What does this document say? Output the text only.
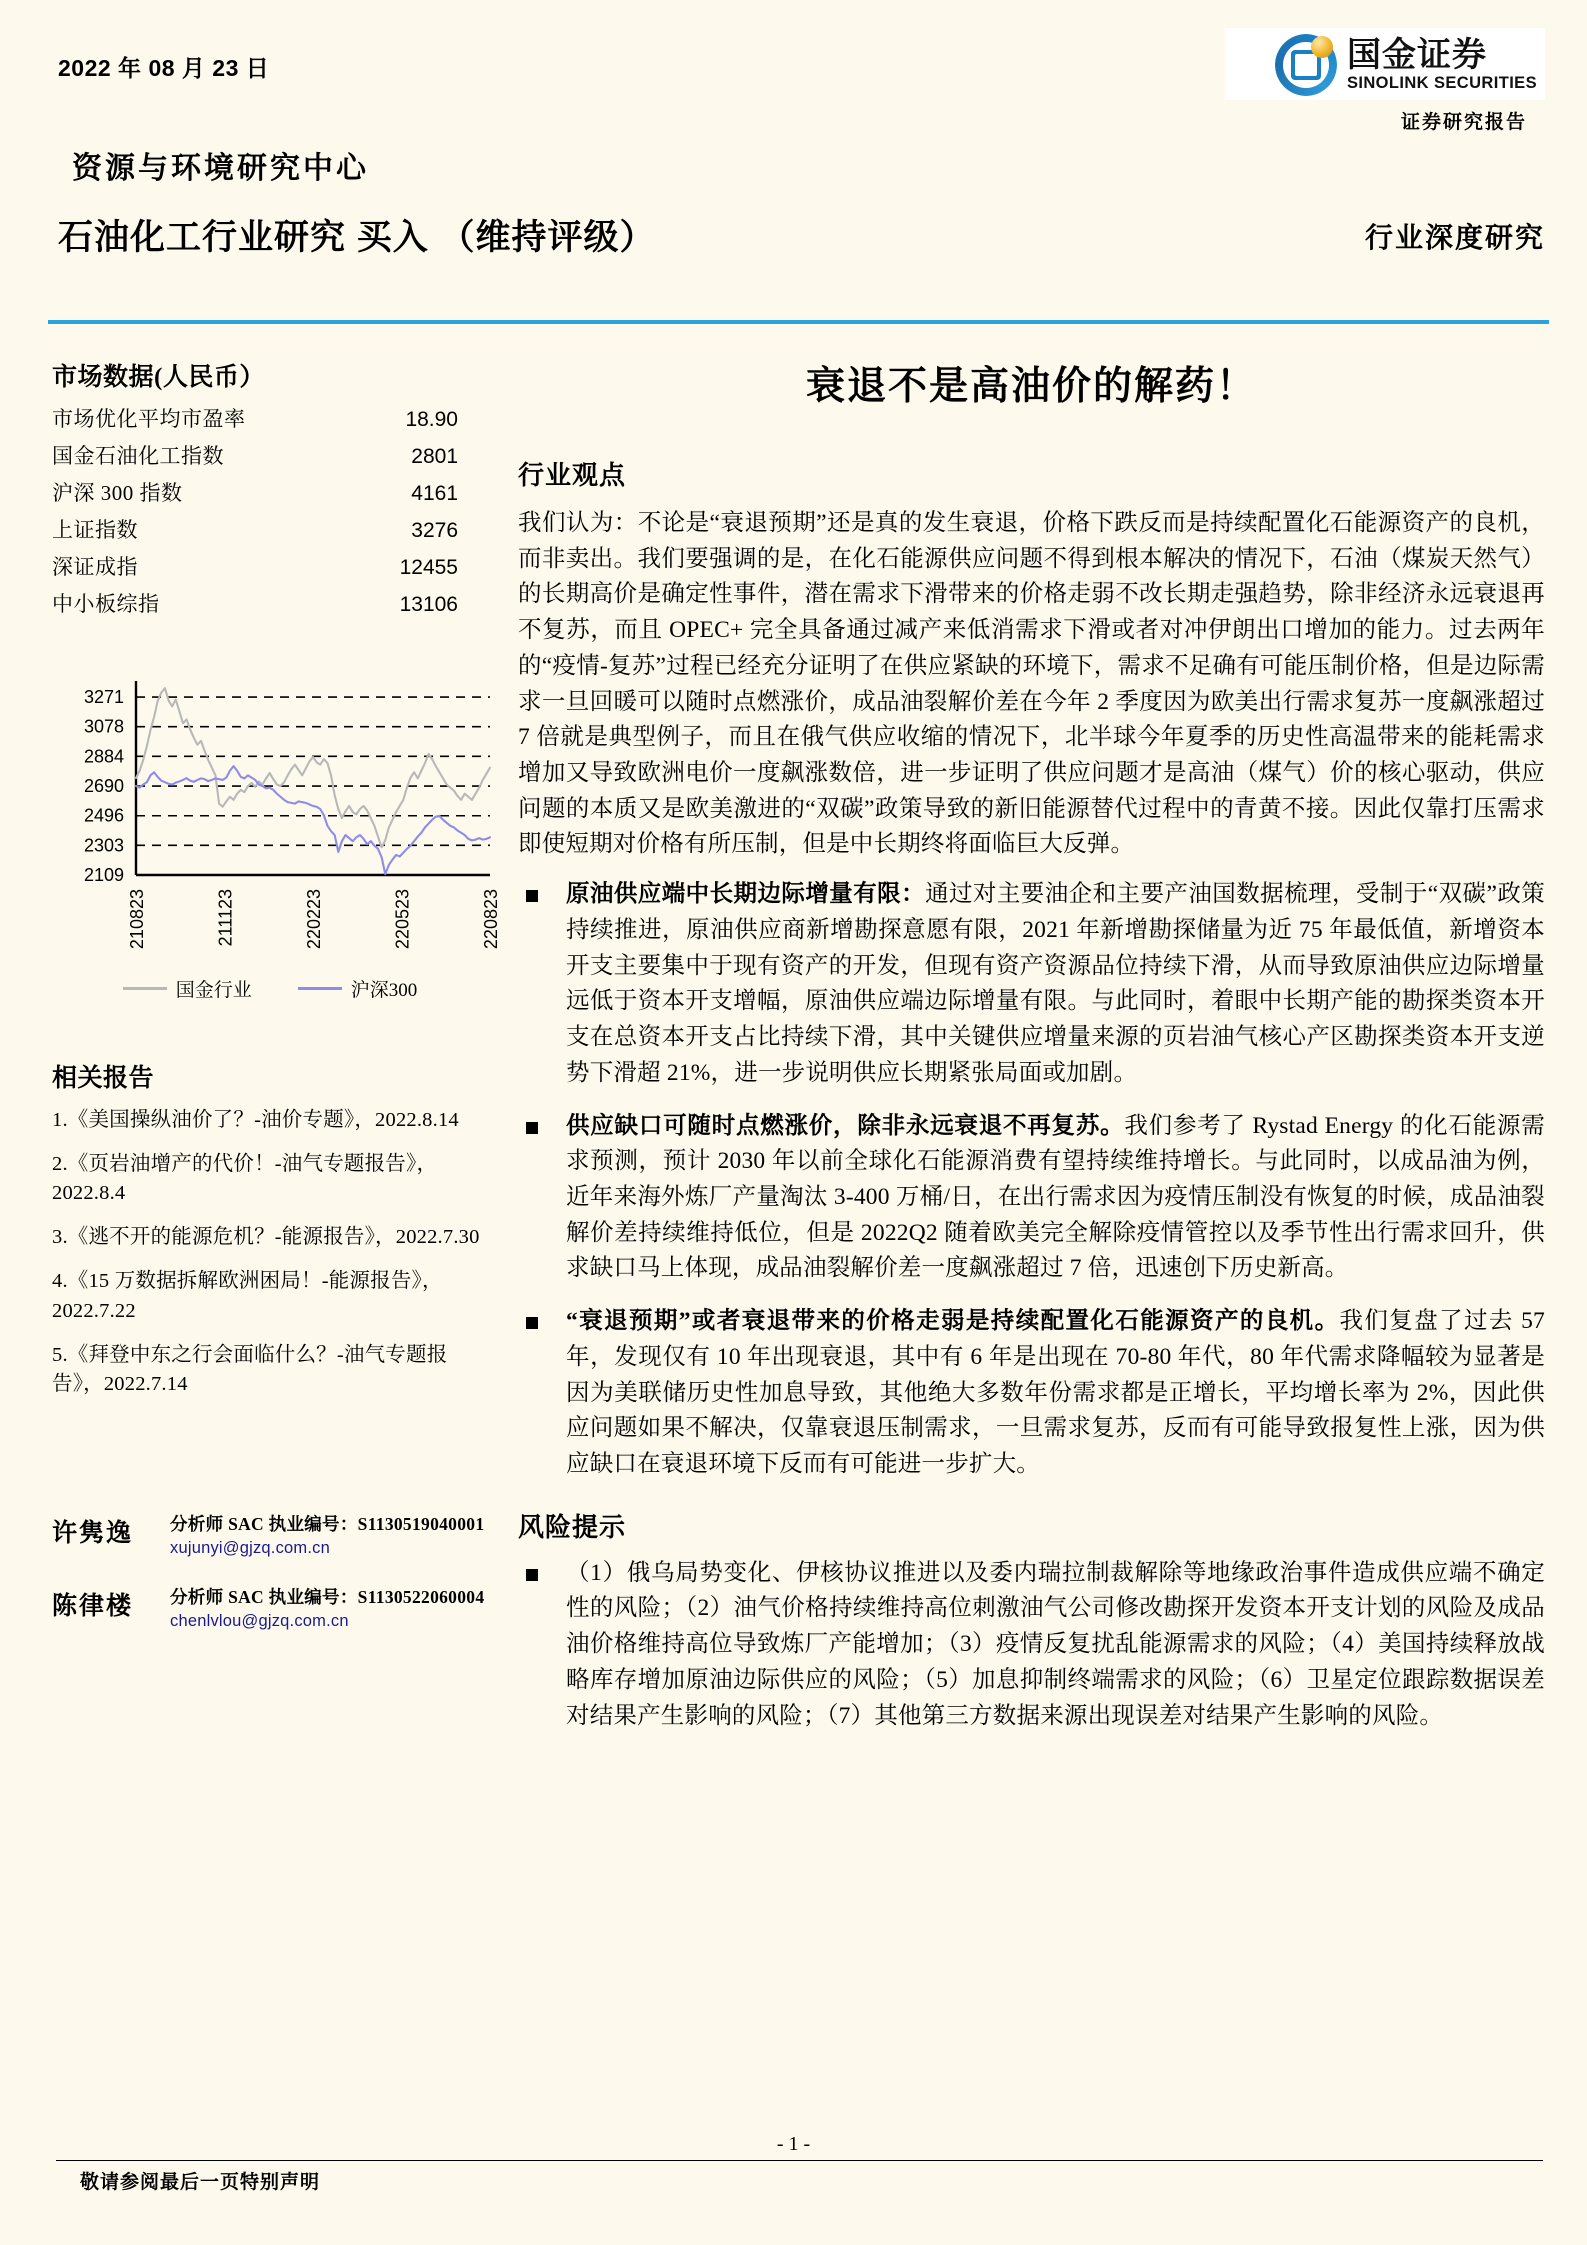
2022 年 08 月 23 日
资源与环境研究中心
国金证券
SINOLINK SECURITIES
证券研究报告
石油化工行业研究 买入 （维持评级）	行业深度研究
市场数据(人民币）
市场优化平均市盈率	18.90
国金石油化工指数	2801
沪深 300 指数	4161
上证指数	3276
深证成指	12455
中小板综指	13106
2109
2303
2496
2690
2884
3078
3271
210823	211123	220223	220523	220823
国金行业	沪深300
相关报告
1.《美国操纵油价了？-油价专题》，2022.8.14
2.《页岩油增产的代价！-油气专题报告》，2022.8.4
3.《逃不开的能源危机？-能源报告》，2022.7.30
4.《15 万数据拆解欧洲困局！-能源报告》，2022.7.22
5.《拜登中东之行会面临什么？-油气专题报告》，2022.7.14
许隽逸	分析师 SAC 执业编号：S1130519040001
xujunyi@gjzq.com.cn
陈律楼	分析师 SAC 执业编号：S1130522060004
chenlvlou@gjzq.com.cn
衰退不是高油价的解药！
行业观点

我们认为：不论是“衰退预期”还是真的发生衰退，价格下跌反而是持续配置化石能源资产的良机，而非卖出。我们要强调的是，在化石能源供应问题不得到根本解决的情况下，石油（煤炭天然气）的长期高价是确定性事件，潜在需求下滑带来的价格走弱不改长期走强趋势，除非经济永远衰退再不复苏，而且 OPEC+ 完全具备通过减产来低消需求下滑或者对冲伊朗出口增加的能力。过去两年的“疫情-复苏”过程已经充分证明了在供应紧缺的环境下，需求不足确有可能压制价格，但是边际需求一旦回暖可以随时点燃涨价，成品油裂解价差在今年 2 季度因为欧美出行需求复苏一度飙涨超过 7 倍就是典型例子，而且在俄气供应收缩的情况下，北半球今年夏季的历史性高温带来的能耗需求增加又导致欧洲电价一度飙涨数倍，进一步证明了供应问题才是高油（煤气）价的核心驱动，供应问题的本质又是欧美激进的“双碳”政策导致的新旧能源替代过程中的青黄不接。因此仅靠打压需求即使短期对价格有所压制，但是中长期终将面临巨大反弹。

原油供应端中长期边际增量有限：通过对主要油企和主要产油国数据梳理，受制于“双碳”政策持续推进，原油供应商新增勘探意愿有限，2021 年新增勘探储量为近 75 年最低值，新增资本开支主要集中于现有资产的开发，但现有资产资源品位持续下滑，从而导致原油供应边际增量远低于资本开支增幅，原油供应端边际增量有限。与此同时，着眼中长期产能的勘探类资本开支在总资本开支占比持续下滑，其中关键供应增量来源的页岩油气核心产区勘探类资本开支逆势下滑超 21%，进一步说明供应长期紧张局面或加剧。
供应缺口可随时点燃涨价，除非永远衰退不再复苏。我们参考了 Rystad Energy 的化石能源需求预测，预计 2030 年以前全球化石能源消费有望持续维持增长。与此同时，以成品油为例，近年来海外炼厂产量淘汰 3-400 万桶/日，在出行需求因为疫情压制没有恢复的时候，成品油裂解价差持续维持低位，但是 2022Q2 随着欧美完全解除疫情管控以及季节性出行需求回升，供求缺口马上体现，成品油裂解价差一度飙涨超过 7 倍，迅速创下历史新高。
“衰退预期”或者衰退带来的价格走弱是持续配置化石能源资产的良机。我们复盘了过去 57 年，发现仅有 10 年出现衰退，其中有 6 年是出现在 70-80 年代，80 年代需求降幅较为显著是因为美联储历史性加息导致，其他绝大多数年份需求都是正增长，平均增长率为 2%，因此供应问题如果不解决，仅靠衰退压制需求，一旦需求复苏，反而有可能导致报复性上涨，因为供应缺口在衰退环境下反而有可能进一步扩大。
风险提示
（1）俄乌局势变化、伊核协议推进以及委内瑞拉制裁解除等地缘政治事件造成供应端不确定性的风险；（2）油气价格持续维持高位刺激油气公司修改勘探开发资本开支计划的风险及成品油价格维持高位导致炼厂产能增加；（3）疫情反复扰乱能源需求的风险；（4）美国持续释放战略库存增加原油边际供应的风险；（5）加息抑制终端需求的风险；（6）卫星定位跟踪数据误差对结果产生影响的风险；（7）其他第三方数据来源出现误差对结果产生影响的风险。
- 1 -
敬请参阅最后一页特别声明
